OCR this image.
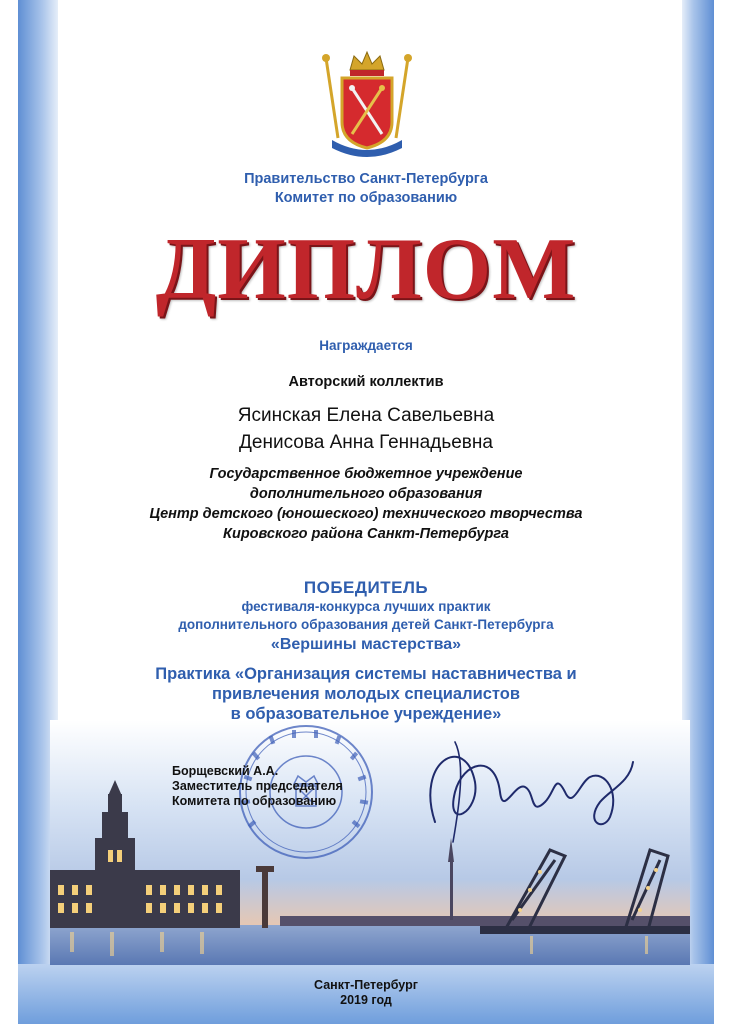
Правительство Санкт-Петербурга
Комитет по образованию
ДИПЛОМ
Награждается
Авторский коллектив
Ясинская Елена Савельевна
Денисова Анна Геннадьевна
Государственное бюджетное учреждение
дополнительного образования
Центр детского (юношеского) технического творчества
Кировского района Санкт-Петербурга
ПОБЕДИТЕЛЬ
фестиваля-конкурса лучших практик
дополнительного образования детей Санкт-Петербурга
«Вершины мастерства»
Практика «Организация системы наставничества и
привлечения молодых специалистов
в образовательное учреждение»
Борщевский А.А.
Заместитель председателя
Комитета по образованию
Санкт-Петербург
2019 год
